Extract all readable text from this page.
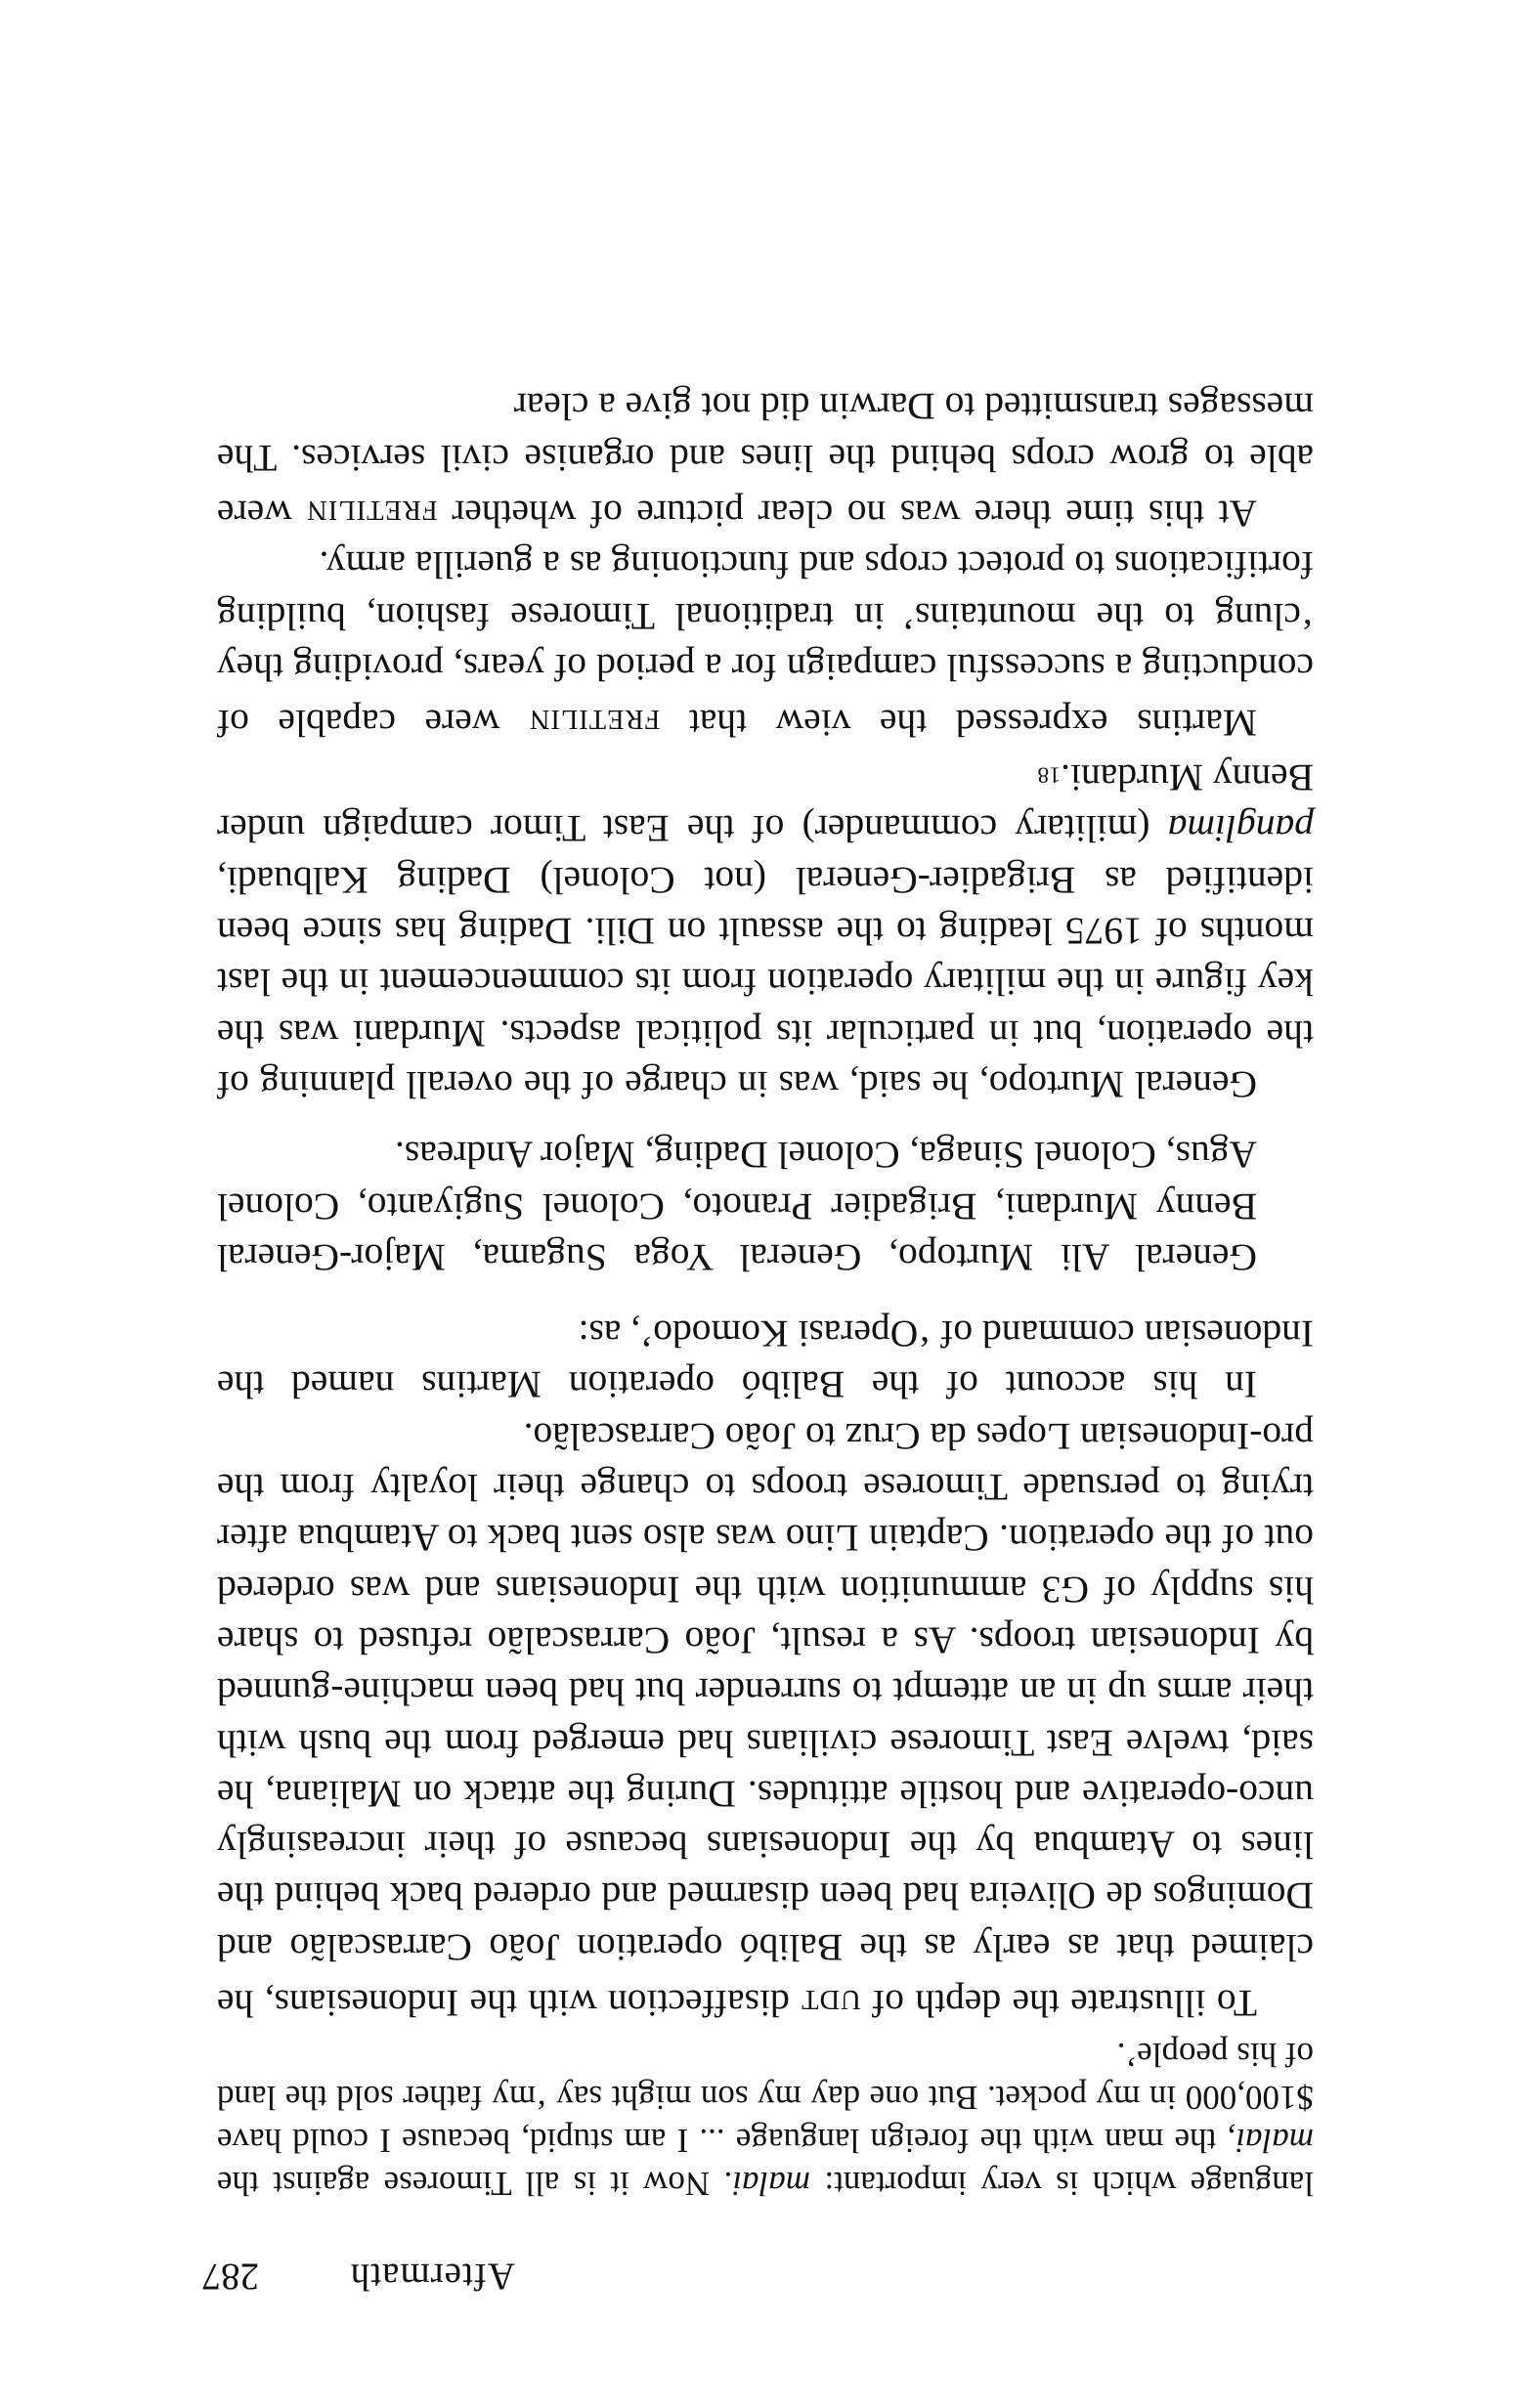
Aftermath
287

language which is very important: malai. Now it is all Timorese against the malai, the man with the foreign language ... I am stupid, because I could have $100,000 in my pocket. But one day my son might say ‘my father sold the land of his people’.

To illustrate the depth of UDT disaffection with the Indonesians, he claimed that as early as the Balibó operation João Carrascalão and Domingos de Oliveira had been disarmed and ordered back behind the lines to Atambua by the Indonesians because of their increasingly unco-operative and hostile attitudes. During the attack on Maliana, he said, twelve East Timorese civilians had emerged from the bush with their arms up in an attempt to surrender but had been machine-gunned by Indonesian troops. As a result, João Carrascalão refused to share his supply of G3 ammunition with the Indonesians and was ordered out of the operation. Captain Lino was also sent back to Atambua after trying to persuade Timorese troops to change their loyalty from the pro-Indonesian Lopes da Cruz to João Carrascalão.

In his account of the Balibó operation Martins named the Indonesian command of ‘Operasi Komodo’, as:

General Ali Murtopo, General Yoga Sugama, Major-General Benny Murdani, Brigadier Pranoto, Colonel Sugiyanto, Colonel Agus, Colonel Sinaga, Colonel Dading, Major Andreas.

General Murtopo, he said, was in charge of the overall planning of the operation, but in particular its political aspects. Murdani was the key figure in the military operation from its commencement in the last months of 1975 leading to the assault on Dili. Dading has since been identified as Brigadier-General (not Colonel) Dading Kalbuadi, panglima (military commander) of the East Timor campaign under Benny Murdani.18

Martins expressed the view that FRETILIN were capable of conducting a successful campaign for a period of years, providing they ‘clung to the mountains’ in traditional Timorese fashion, building fortifications to protect crops and functioning as a guerilla army.

At this time there was no clear picture of whether FRETILIN were able to grow crops behind the lines and organise civil services. The messages transmitted to Darwin did not give a clear
